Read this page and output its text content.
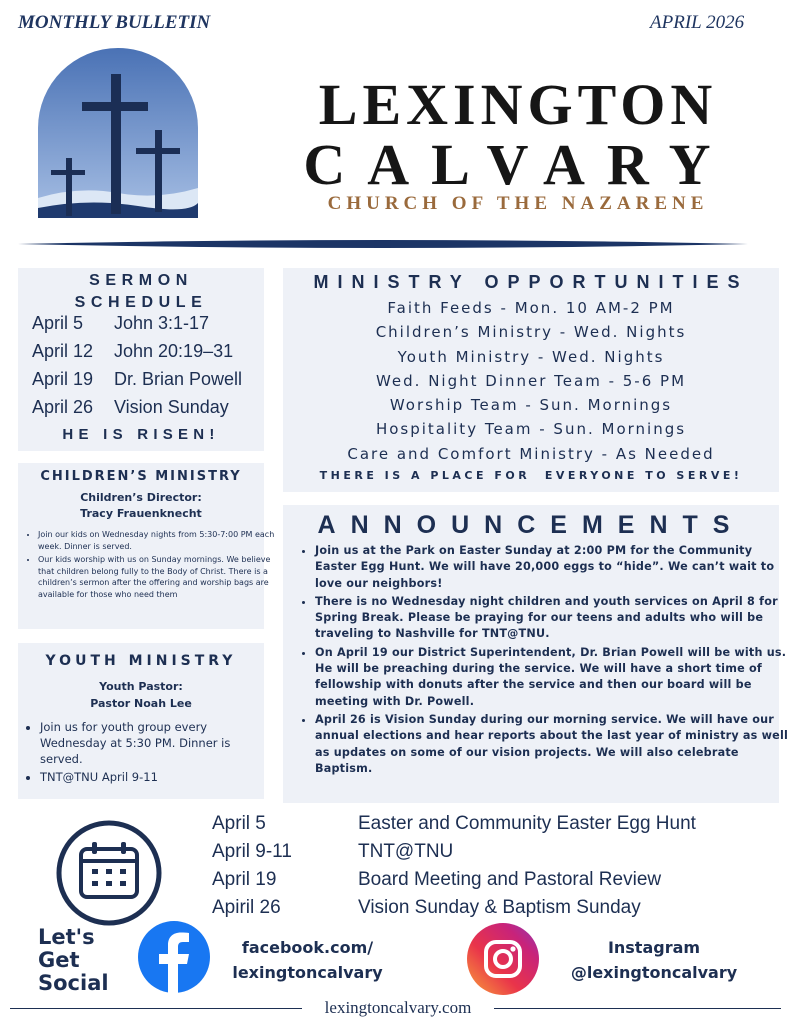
MONTHLY BULLETIN	APRIL 2026
LEXINGTON
CALVARY
CHURCH OF THE NAZARENE
SERMON SCHEDULE
April 5	John 3:1-17
April 12	John 20:19–31
April 19	Dr. Brian Powell
April 26	Vision Sunday
HE IS RISEN!
CHILDREN’S MINISTRY
Children’s Director:
Tracy Frauenknecht
• Join our kids on Wednesday nights from 5:30-7:00 PM each week. Dinner is served.
• Our kids worship with us on Sunday mornings. We believe that children belong fully to the Body of Christ. There is a children’s sermon after the offering and worship bags are available for those who need them
YOUTH MINISTRY
Youth Pastor:
Pastor Noah Lee
• Join us for youth group every Wednesday at 5:30 PM. Dinner is served.
• TNT@TNU April 9-11
MINISTRY OPPORTUNITIES
Faith Feeds - Mon. 10 AM-2 PM
Children’s Ministry - Wed. Nights
Youth Ministry - Wed. Nights
Wed. Night Dinner Team - 5-6 PM
Worship Team - Sun. Mornings
Hospitality Team - Sun. Mornings
Care and Comfort Ministry - As Needed
THERE IS A PLACE FOR  EVERYONE TO SERVE!
ANNOUNCEMENTS
• Join us at the Park on Easter Sunday at 2:00 PM for the Community Easter Egg Hunt. We will have 20,000 eggs to “hide”. We can’t wait to love our neighbors!
• There is no Wednesday night children and youth services on April 8 for Spring Break. Please be praying for our teens and adults who will be traveling to Nashville for TNT@TNU.
• On April 19 our District Superintendent, Dr. Brian Powell will be with us. He will be preaching during the service. We will have a short time of fellowship with donuts after the service and then our board will be meeting with Dr. Powell.
• April 26 is Vision Sunday during our morning service. We will have our annual elections and hear reports about the last year of ministry as well as updates on some of our vision projects. We will also celebrate Baptism.
April 5	Easter and Community Easter Egg Hunt
April 9-11	TNT@TNU
April 19	Board Meeting and Pastoral Review
Apiril 26	Vision Sunday & Baptism Sunday
Let's
Get
Social
facebook.com/
lexingtoncalvary
Instagram
@lexingtoncalvary
lexingtoncalvary.com
